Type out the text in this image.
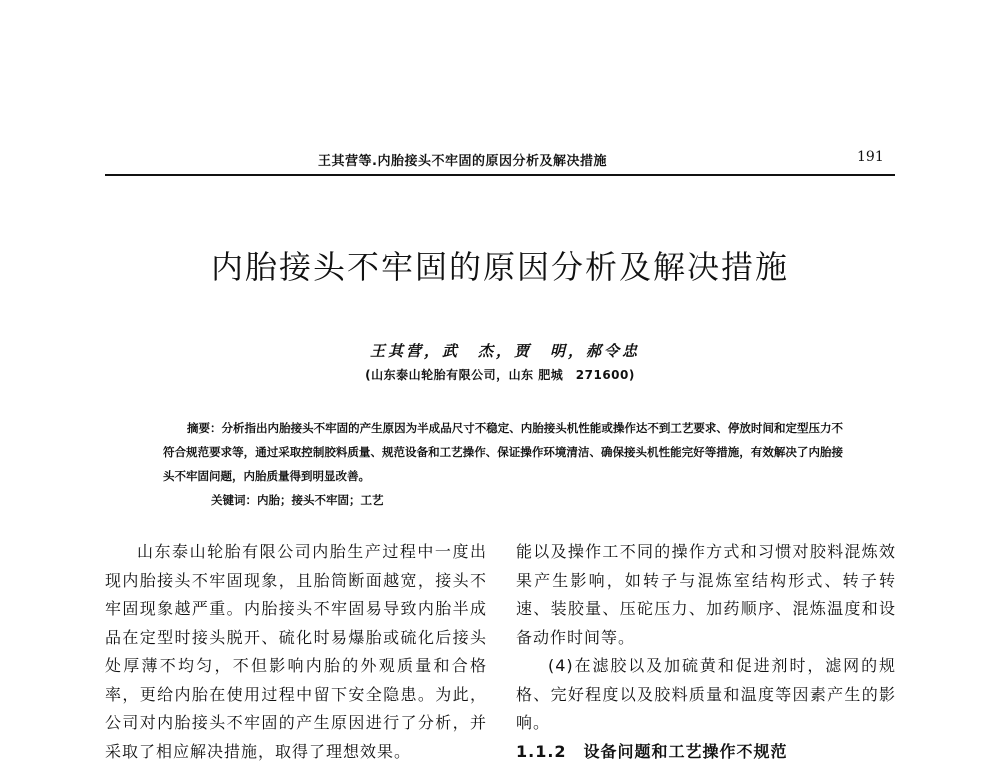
王其营等.内胎接头不牢固的原因分析及解决措施	191
内胎接头不牢固的原因分析及解决措施
王其营，武　杰，贾　明，郝令忠
(山东泰山轮胎有限公司，山东 肥城　271600)

摘要：分析指出内胎接头不牢固的产生原因为半成品尺寸不稳定、内胎接头机性能或操作达不到工艺要求、停放时间和定型压力不符合规范要求等，通过采取控制胶料质量、规范设备和工艺操作、保证操作环境清洁、确保接头机性能完好等措施，有效解决了内胎接头不牢固问题，内胎质量得到明显改善。

关键词：内胎；接头不牢固；工艺

山东泰山轮胎有限公司内胎生产过程中一度出现内胎接头不牢固现象，且胎筒断面越宽，接头不牢固现象越严重。内胎接头不牢固易导致内胎半成品在定型时接头脱开、硫化时易爆胎或硫化后接头处厚薄不均匀，不但影响内胎的外观质量和合格率，更给内胎在使用过程中留下安全隐患。为此，公司对内胎接头不牢固的产生原因进行了分析，并采取了相应解决措施，取得了理想效果。

能以及操作工不同的操作方式和习惯对胶料混炼效果产生影响，如转子与混炼室结构形式、转子转速、装胶量、压砣压力、加药顺序、混炼温度和设备动作时间等。

(4)在滤胶以及加硫黄和促进剂时，滤网的规格、完好程度以及胶料质量和温度等因素产生的影响。

1.1.2　设备问题和工艺操作不规范
